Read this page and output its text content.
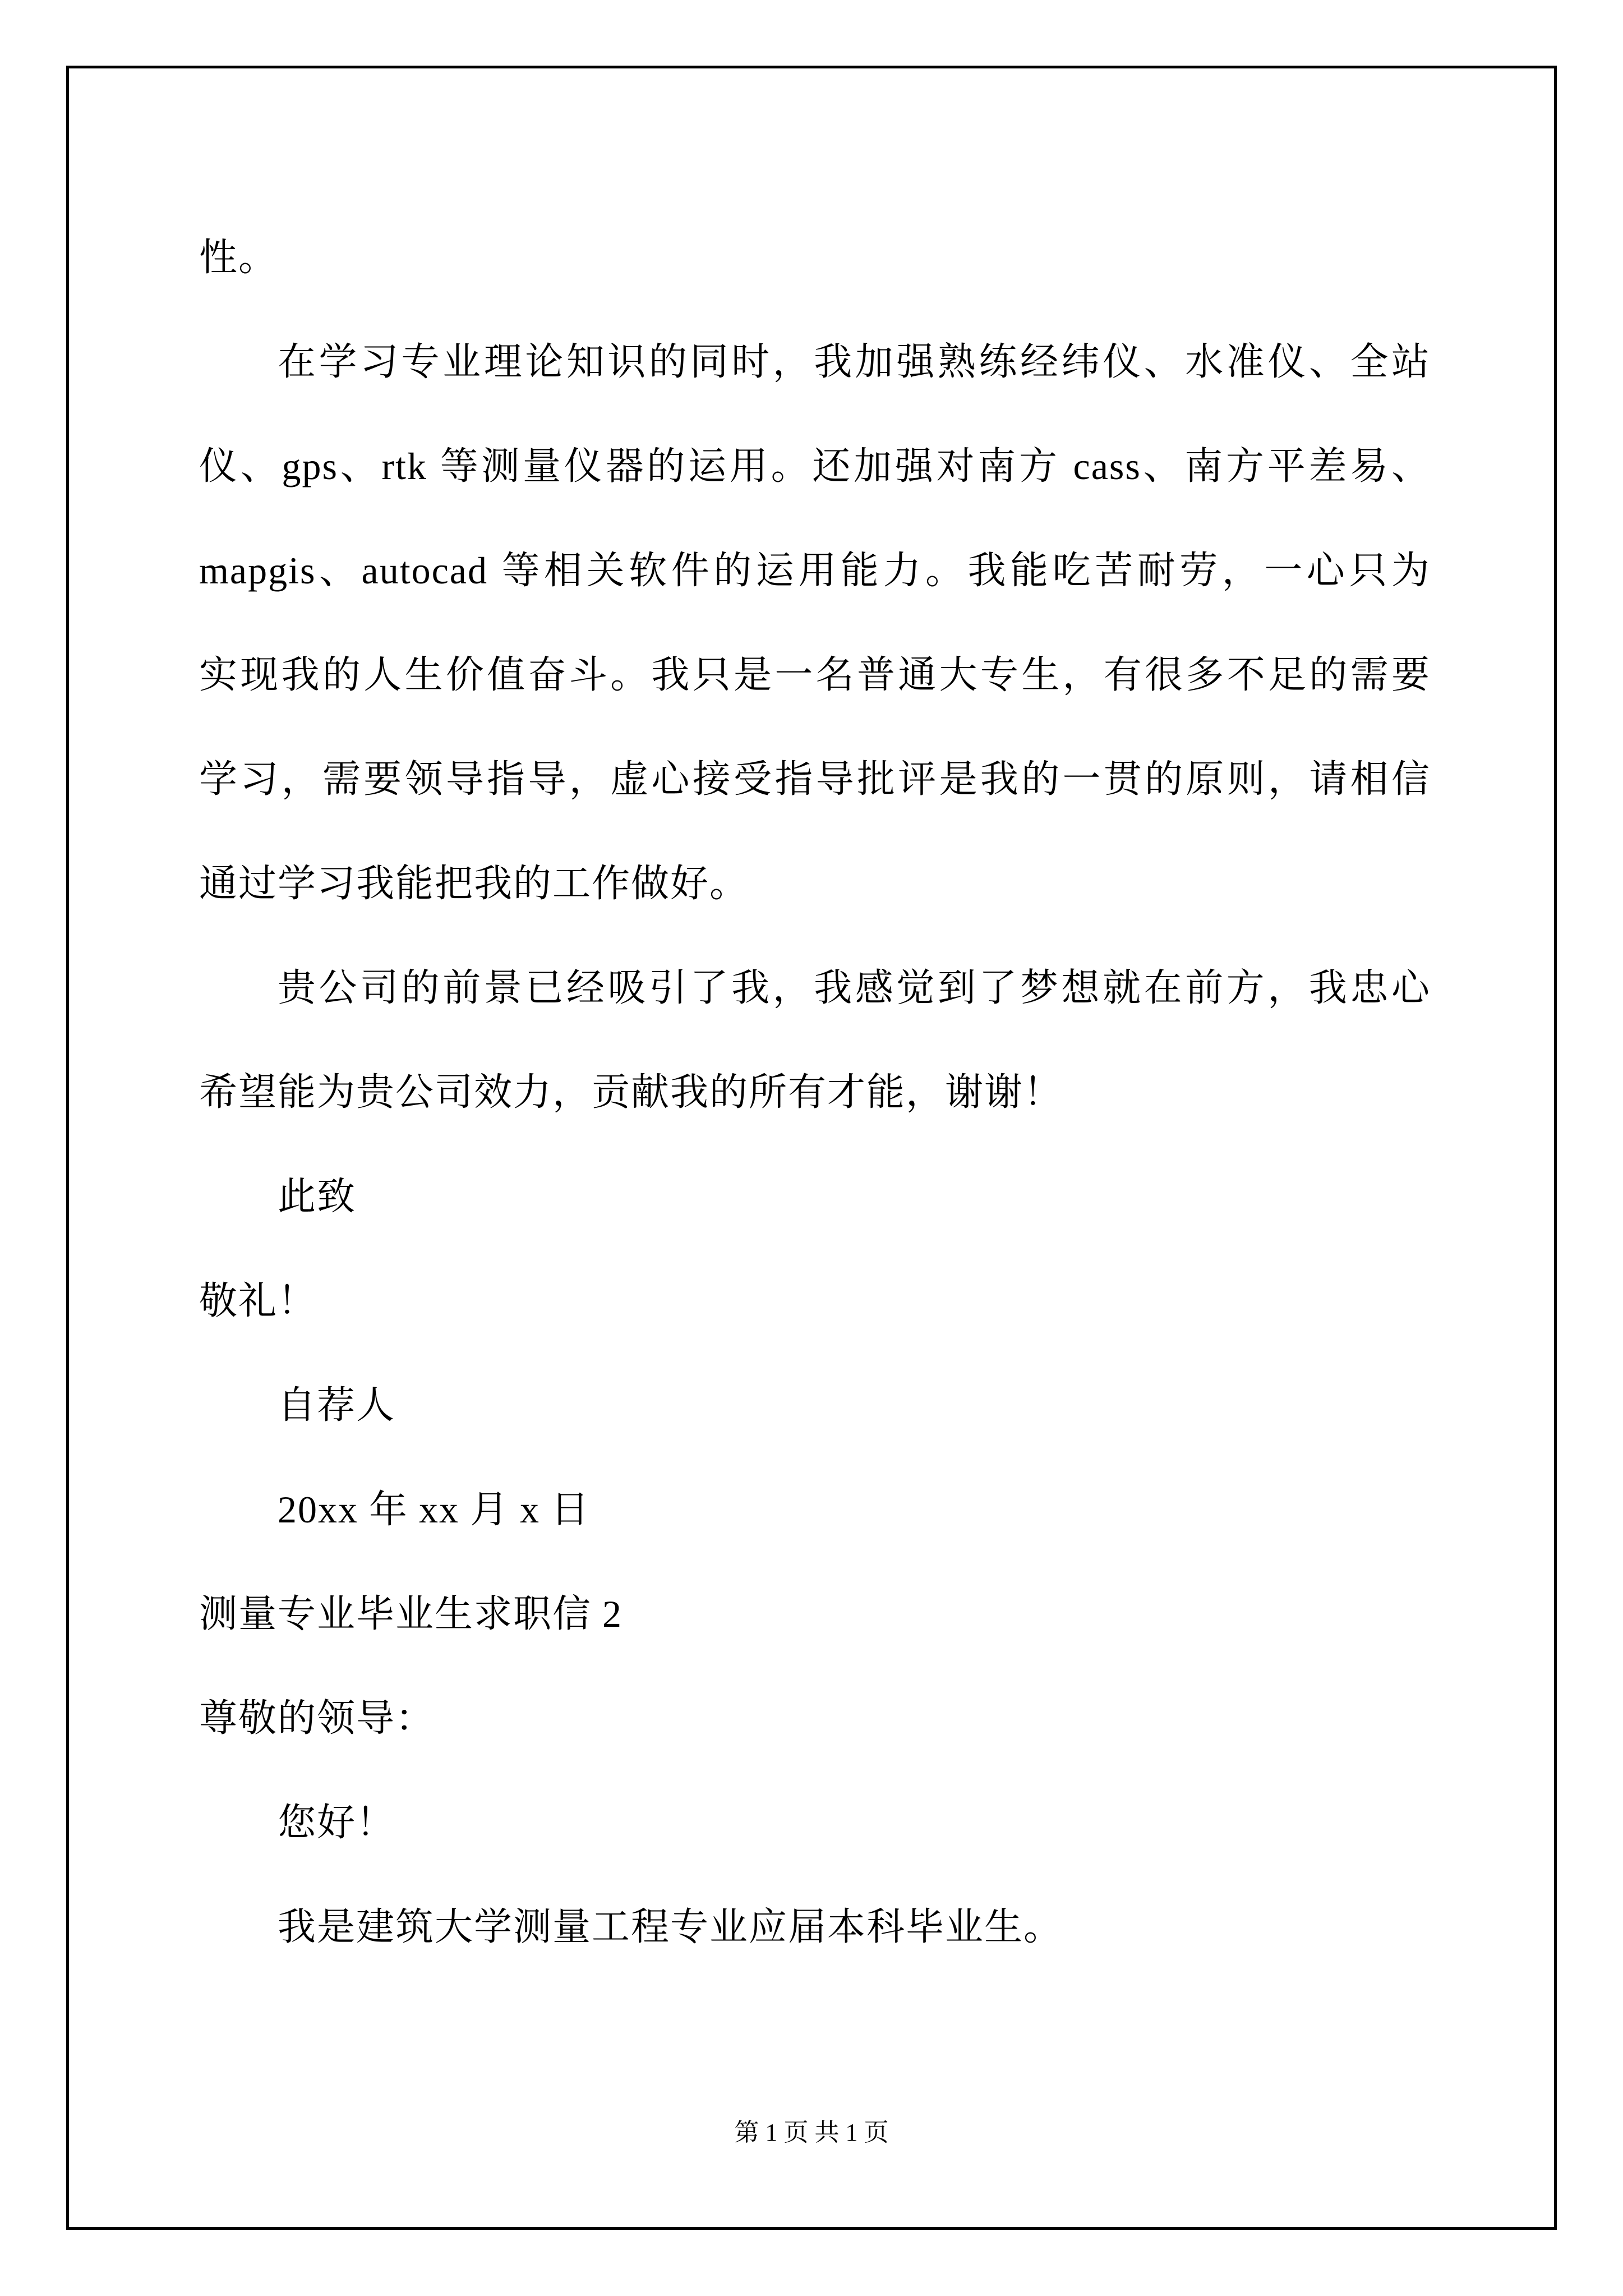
性。
在学习专业理论知识的同时，我加强熟练经纬仪、水准仪、全站
仪、gps、rtk 等测量仪器的运用。还加强对南方 cass、南方平差易、
mapgis、autocad 等相关软件的运用能力。我能吃苦耐劳，一心只为
实现我的人生价值奋斗。我只是一名普通大专生，有很多不足的需要
学习，需要领导指导，虚心接受指导批评是我的一贯的原则，请相信
通过学习我能把我的工作做好。
贵公司的前景已经吸引了我，我感觉到了梦想就在前方，我忠心
希望能为贵公司效力，贡献我的所有才能，谢谢！
此致
敬礼！
自荐人
20xx 年 xx 月 x 日
测量专业毕业生求职信 2
尊敬的领导：
您好！
我是建筑大学测量工程专业应届本科毕业生。
第 1 页 共 1 页
